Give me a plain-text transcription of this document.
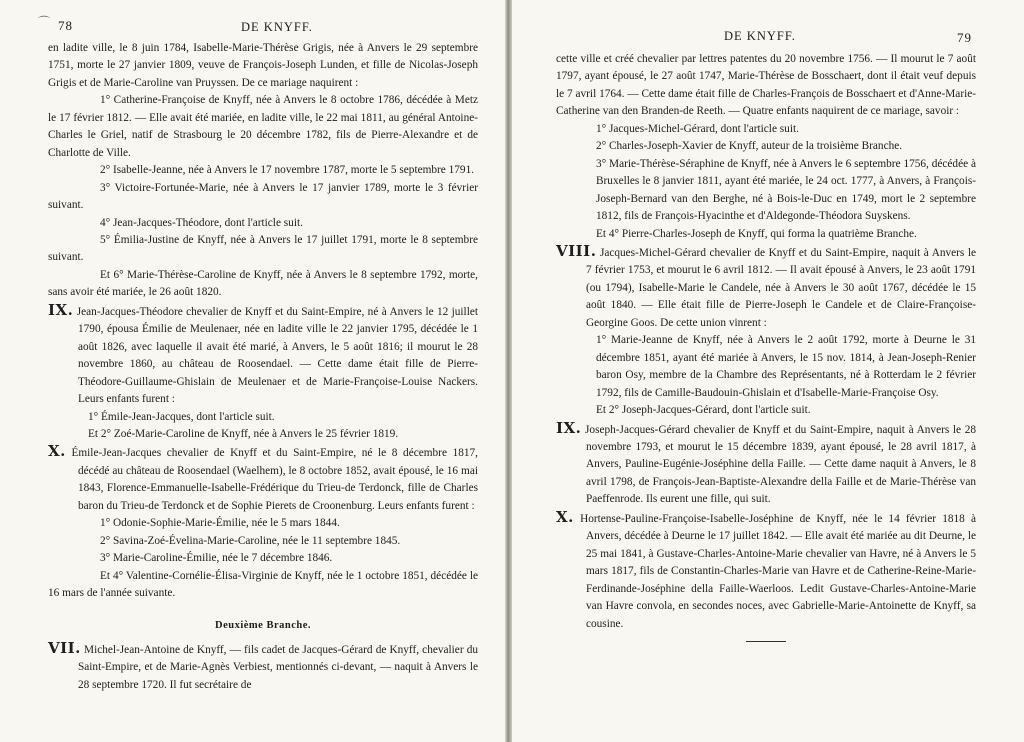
⌒ 78	DE KNYFF.

en ladite ville, le 8 juin 1784, Isabelle-Marie-Thérèse Grigis, née à Anvers le 29 septembre 1751, morte le 27 janvier 1809, veuve de François-Joseph Lunden, et fille de Nicolas-Joseph Grigis et de Marie-Caroline van Pruyssen. De ce mariage naquirent :

1° Catherine-Françoise de Knyff, née à Anvers le 8 octobre 1786, décédée à Metz le 17 février 1812. — Elle avait été mariée, en ladite ville, le 22 mai 1811, au général Antoine-Charles le Griel, natif de Strasbourg le 20 décembre 1782, fils de Pierre-Alexandre et de Charlotte de Ville.

2° Isabelle-Jeanne, née à Anvers le 17 novembre 1787, morte le 5 septembre 1791.

3° Victoire-Fortunée-Marie, née à Anvers le 17 janvier 1789, morte le 3 février suivant.

4° Jean-Jacques-Théodore, dont l'article suit.

5° Émilia-Justine de Knyff, née à Anvers le 17 juillet 1791, morte le 8 septembre suivant.

Et 6° Marie-Thérèse-Caroline de Knyff, née à Anvers le 8 septembre 1792, morte, sans avoir été mariée, le 26 août 1820.

IX. Jean-Jacques-Théodore chevalier de Knyff et du Saint-Empire, né à Anvers le 12 juillet 1790, épousa Émilie de Meulenaer, née en ladite ville le 22 janvier 1795, décédée le 1 août 1826, avec laquelle il avait été marié, à Anvers, le 5 août 1816; il mourut le 28 novembre 1860, au château de Roosendael. — Cette dame était fille de Pierre-Théodore-Guillaume-Ghislain de Meulenaer et de Marie-Françoise-Louise Nackers. Leurs enfants furent :

1° Émile-Jean-Jacques, dont l'article suit.

Et 2° Zoé-Marie-Caroline de Knyff, née à Anvers le 25 février 1819.

X. Émile-Jean-Jacques chevalier de Knyff et du Saint-Empire, né le 8 décembre 1817, décédé au château de Roosendael (Waelhem), le 8 octobre 1852, avait épousé, le 16 mai 1843, Florence-Emmanuelle-Isabelle-Frédérique du Trieu-de Terdonck, fille de Charles baron du Trieu-de Terdonck et de Sophie Pierets de Croonenburg. Leurs enfants furent :

1° Odonie-Sophie-Marie-Émilie, née le 5 mars 1844.

2° Savina-Zoé-Évelina-Marie-Caroline, née le 11 septembre 1845.

3° Marie-Caroline-Émilie, née le 7 décembre 1846.

Et 4° Valentine-Cornélie-Élisa-Virginie de Knyff, née le 1 octobre 1851, décédée le 16 mars de l'année suivante.

Deuxième Branche.

VII. Michel-Jean-Antoine de Knyff, — fils cadet de Jacques-Gérard de Knyff, chevalier du Saint-Empire, et de Marie-Agnès Verbiest, mentionnés ci-devant, — naquit à Anvers le 28 septembre 1720. Il fut secrétaire de

DE KNYFF.	79

cette ville et créé chevalier par lettres patentes du 20 novembre 1756. — Il mourut le 7 août 1797, ayant épousé, le 27 août 1747, Marie-Thérèse de Bosschaert, dont il était veuf depuis le 7 avril 1764. — Cette dame était fille de Charles-François de Bosschaert et d'Anne-Marie-Catherine van den Branden-de Reeth. — Quatre enfants naquirent de ce mariage, savoir :

1° Jacques-Michel-Gérard, dont l'article suit.

2° Charles-Joseph-Xavier de Knyff, auteur de la troisième Branche.

3° Marie-Thérèse-Séraphine de Knyff, née à Anvers le 6 septembre 1756, décédée à Bruxelles le 8 janvier 1811, ayant été mariée, le 24 oct. 1777, à Anvers, à François-Joseph-Bernard van den Berghe, né à Bois-le-Duc en 1749, mort le 2 septembre 1812, fils de François-Hyacinthe et d'Aldegonde-Théodora Suyskens.

Et 4° Pierre-Charles-Joseph de Knyff, qui forma la quatrième Branche.

VIII. Jacques-Michel-Gérard chevalier de Knyff et du Saint-Empire, naquit à Anvers le 7 février 1753, et mourut le 6 avril 1812. — Il avait épousé à Anvers, le 23 août 1791 (ou 1794), Isabelle-Marie le Candele, née à Anvers le 30 août 1767, décédée le 15 août 1840. — Elle était fille de Pierre-Joseph le Candele et de Claire-Françoise-Georgine Goos. De cette union vinrent :

1° Marie-Jeanne de Knyff, née à Anvers le 2 août 1792, morte à Deurne le 31 décembre 1851, ayant été mariée à Anvers, le 15 nov. 1814, à Jean-Joseph-Renier baron Osy, membre de la Chambre des Représentants, né à Rotterdam le 2 février 1792, fils de Camille-Baudouin-Ghislain et d'Isabelle-Marie-Françoise Osy.

Et 2° Joseph-Jacques-Gérard, dont l'article suit.

IX. Joseph-Jacques-Gérard chevalier de Knyff et du Saint-Empire, naquit à Anvers le 28 novembre 1793, et mourut le 15 décembre 1839, ayant épousé, le 28 avril 1817, à Anvers, Pauline-Eugénie-Joséphine della Faille. — Cette dame naquit à Anvers, le 8 avril 1798, de François-Jean-Baptiste-Alexandre della Faille et de Marie-Thérèse van Paeffenrode. Ils eurent une fille, qui suit.

X. Hortense-Pauline-Françoise-Isabelle-Joséphine de Knyff, née le 14 février 1818 à Anvers, décédée à Deurne le 17 juillet 1842. — Elle avait été mariée au dit Deurne, le 25 mai 1841, à Gustave-Charles-Antoine-Marie chevalier van Havre, né à Anvers le 5 mars 1817, fils de Constantin-Charles-Marie van Havre et de Catherine-Reine-Marie-Ferdinande-Joséphine della Faille-Waerloos. Ledit Gustave-Charles-Antoine-Marie van Havre convola, en secondes noces, avec Gabrielle-Marie-Antoinette de Knyff, sa cousine.
